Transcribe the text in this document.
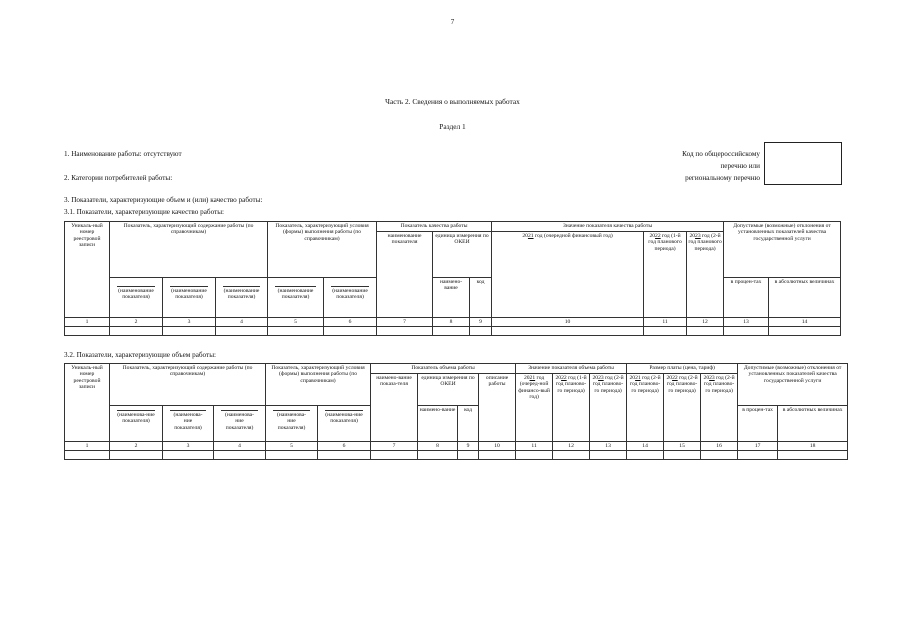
7
Часть 2. Сведения о выполняемых работах
Раздел 1
1. Наименование работы: отсутствуют
2. Категории потребителей работы:
3. Показатели, характеризующие объем и (или) качество работы:
3.1. Показатели, характеризующие качество работы:
Код по общероссийскому
перечню или
региональному перечню
Уникаль-ный номер реестровой записи	Показатель, характеризующий содержание работы (по справочникам)			Показатель, характеризующий условия (формы) выполнения работы (по справочникам)		Показатель качества работы			Значение показателя качества работы			Допустимые (возможные) отклонения от установленных показателей качества государственной услуги	
						наименование показателя	единица измерения по ОКЕИ		2021 год (очередной финансовый год)	2022 год (1-й год планового периода)	2023 год (2-й год планового периода)		

	(наименование показателя)	(наименование показателя)	(наименование показателя)	(наименование показателя)	(наименование показателя)		наимено-вание	код				в процен-тах	в абсолютных величинах
1	2	3	4	5	6	7	8	9	10	11	12	13	14

3.2. Показатели, характеризующие объем работы:
Уникаль-ный номер реестровой записи	Показатель, характеризующий содержание работы (по справочникам)			Показатель, характеризующий условия (формы) выполнения работы (по справочникам)		Показатель объема работы				Значение показателя объема работы			Размер платы (цена, тариф)			Допустимые (возможные) отклонения от установленных показателей качества государственной услуги	
						наимено-вание показа-теля	единица измерения по ОКЕИ		описание работы	2021 год (очеред-ной финансо-вый год)	2022 год (1-й год планово-го периода)	2023 год (2-й год планово-го периода)	2021 год (2-й год планово-го периода)	2022 год (2-й год планово-го периода)	2023 год (2-й год планово-го периода)		

	(наименова-ние показателя)	(наименова-ние показателя)	(наименова-ние показателя)	(наименова-ние показателя)	(наименова-ние показателя)		наимено-вание	код								в процен-тах	в абсолютных величинах
1	2	3	4	5	6	7	8	9	10	11	12	13	14	15	16	17	18
